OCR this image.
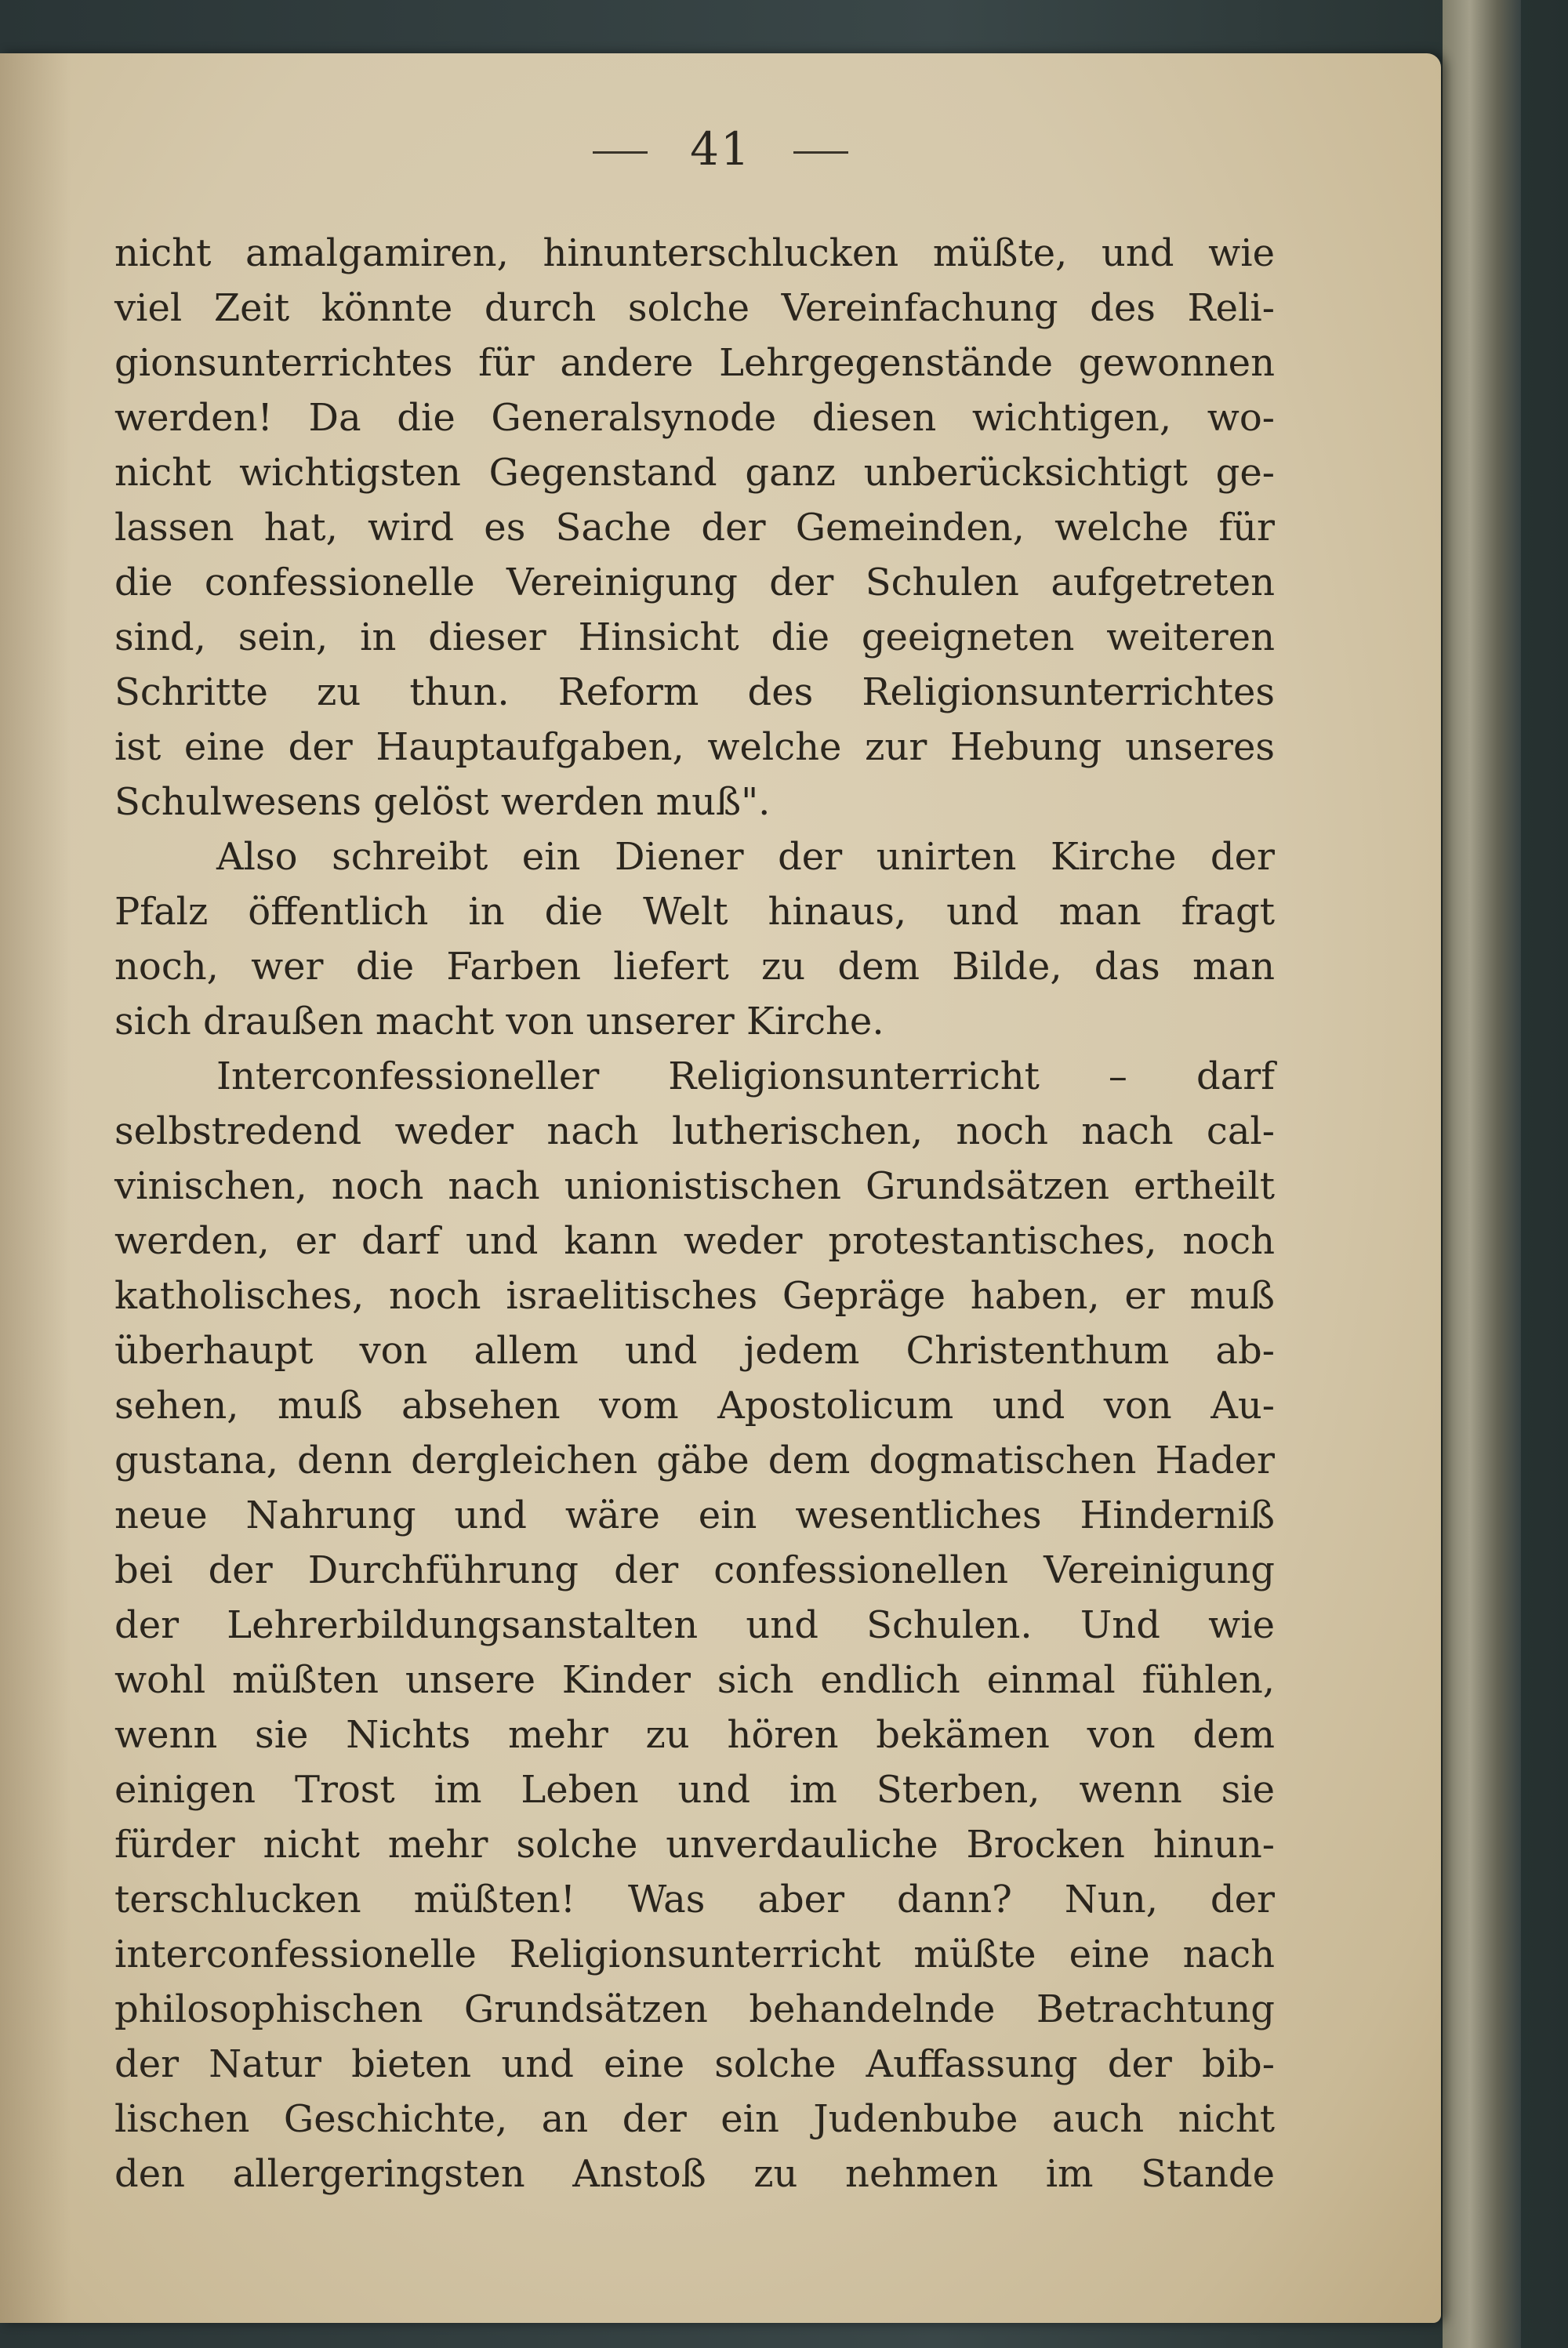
41
nicht amalgamiren, hinunterschlucken müßte, und wie
viel Zeit könnte durch solche Vereinfachung des Reli-
gionsunterrichtes für andere Lehrgegenstände gewonnen
werden! Da die Generalsynode diesen wichtigen, wo-
nicht wichtigsten Gegenstand ganz unberücksichtigt ge-
lassen hat, wird es Sache der Gemeinden, welche für
die confessionelle Vereinigung der Schulen aufgetreten
sind, sein, in dieser Hinsicht die geeigneten weiteren
Schritte zu thun. Reform des Religionsunterrichtes
ist eine der Hauptaufgaben, welche zur Hebung unseres
Schulwesens gelöst werden muß".
Also schreibt ein Diener der unirten Kirche der
Pfalz öffentlich in die Welt hinaus, und man fragt
noch, wer die Farben liefert zu dem Bilde, das man
sich draußen macht von unserer Kirche.
Interconfessioneller Religionsunterricht – darf
selbstredend weder nach lutherischen, noch nach cal-
vinischen, noch nach unionistischen Grundsätzen ertheilt
werden, er darf und kann weder protestantisches, noch
katholisches, noch israelitisches Gepräge haben, er muß
überhaupt von allem und jedem Christenthum ab-
sehen, muß absehen vom Apostolicum und von Au-
gustana, denn dergleichen gäbe dem dogmatischen Hader
neue Nahrung und wäre ein wesentliches Hinderniß
bei der Durchführung der confessionellen Vereinigung
der Lehrerbildungsanstalten und Schulen. Und wie
wohl müßten unsere Kinder sich endlich einmal fühlen,
wenn sie Nichts mehr zu hören bekämen von dem
einigen Trost im Leben und im Sterben, wenn sie
fürder nicht mehr solche unverdauliche Brocken hinun-
terschlucken müßten! Was aber dann? Nun, der
interconfessionelle Religionsunterricht müßte eine nach
philosophischen Grundsätzen behandelnde Betrachtung
der Natur bieten und eine solche Auffassung der bib-
lischen Geschichte, an der ein Judenbube auch nicht
den allergeringsten Anstoß zu nehmen im Stande
